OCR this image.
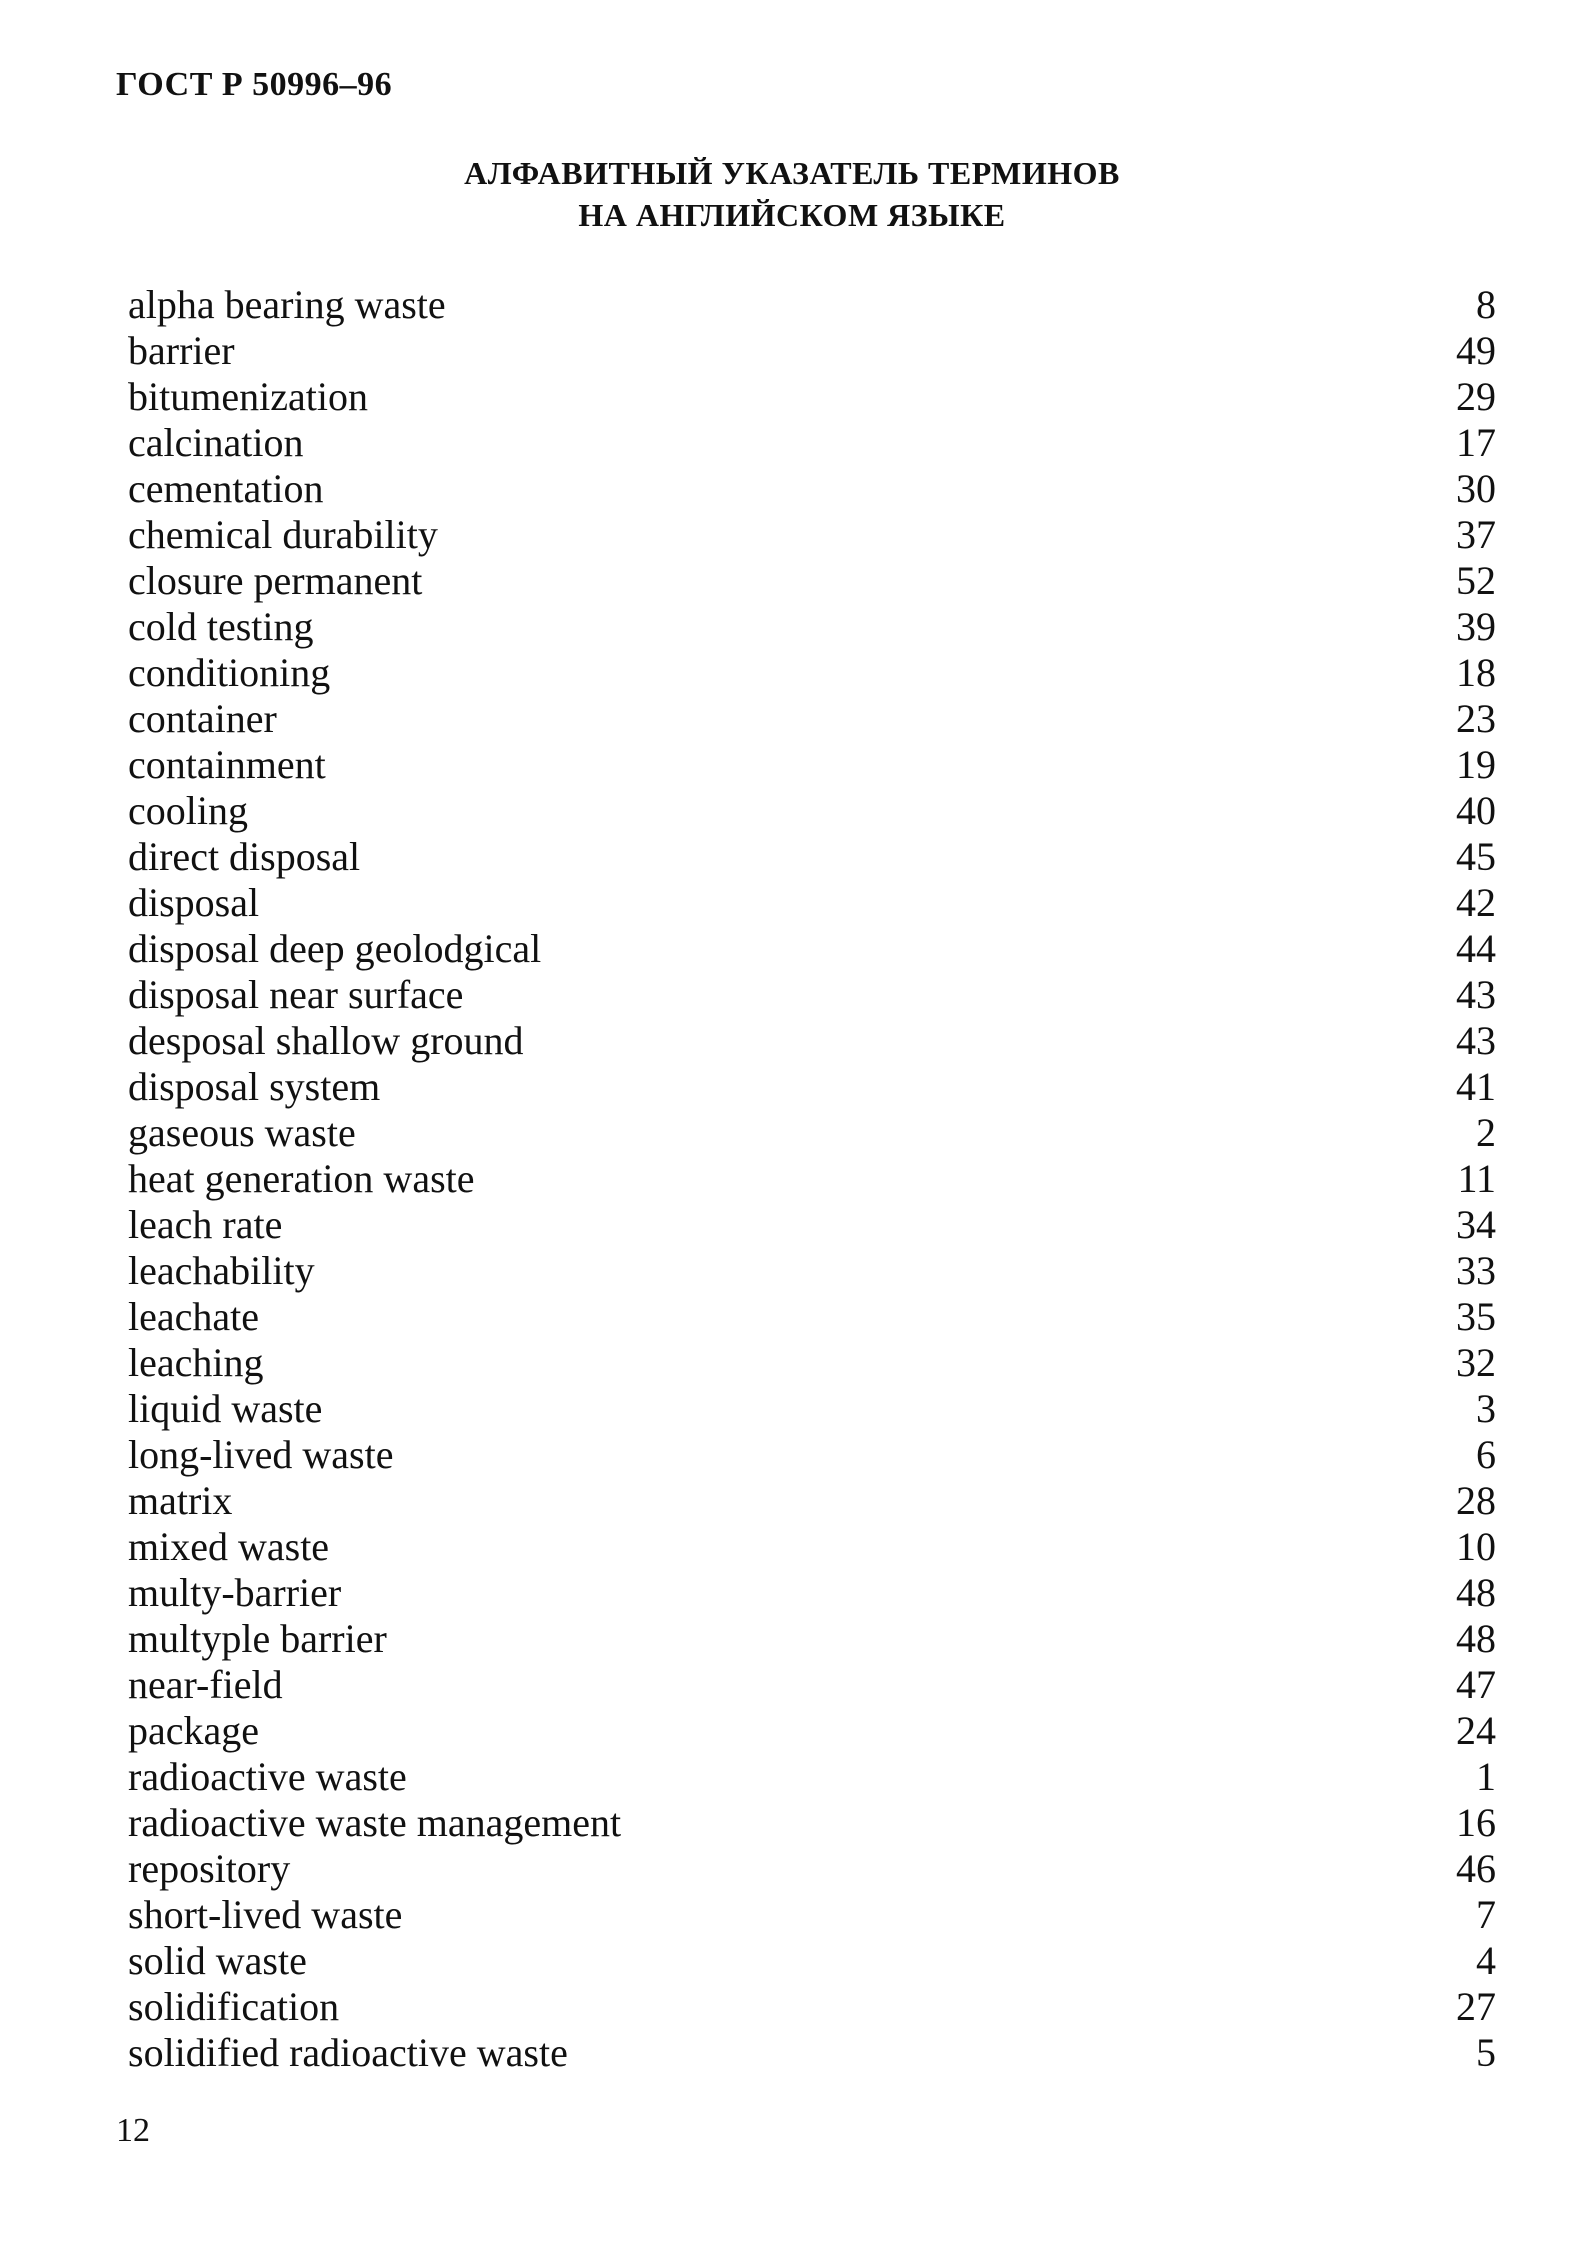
ГОСТ Р 50996–96
АЛФАВИТНЫЙ УКАЗАТЕЛЬ ТЕРМИНОВ
НА АНГЛИЙСКОМ ЯЗЫКЕ
alpha bearing waste	8
barrier	49
bitumenization	29
calcination	17
cementation	30
chemical durability	37
closure permanent	52
cold testing	39
conditioning	18
container	23
containment	19
cooling	40
direct disposal	45
disposal	42
disposal deep geolodgical	44
disposal near surface	43
desposal shallow ground	43
disposal system	41
gaseous waste	2
heat generation waste	11
leach rate	34
leachability	33
leachate	35
leaching	32
liquid waste	3
long-lived waste	6
matrix	28
mixed waste	10
multy-barrier	48
multyple barrier	48
near-field	47
package	24
radioactive waste	1
radioactive waste management	16
repository	46
short-lived waste	7
solid waste	4
solidification	27
solidified radioactive waste	5
12
